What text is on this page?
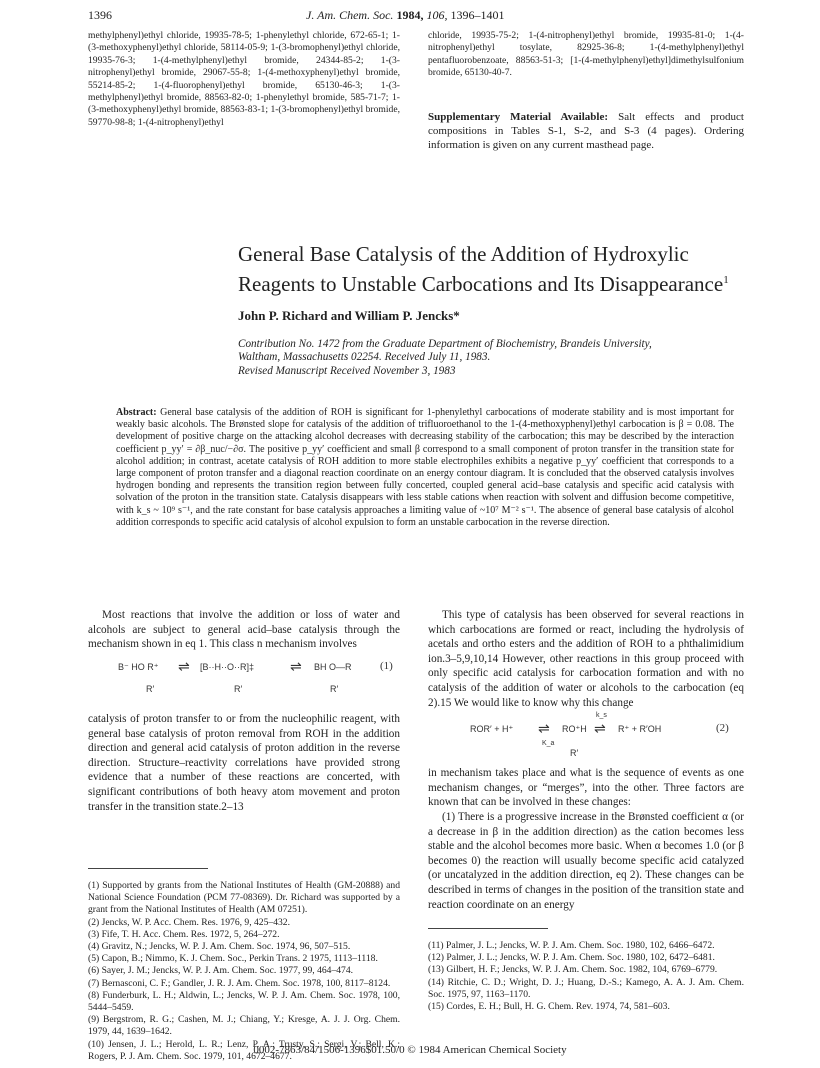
1396	J. Am. Chem. Soc. 1984, 106, 1396–1401
methylphenyl)ethyl chloride, 19935-78-5; 1-phenylethyl chloride, 672-65-1; 1-(3-methoxyphenyl)ethyl chloride, 58114-05-9; 1-(3-bromophenyl)ethyl chloride, 19935-76-3; 1-(4-methylphenyl)ethyl bromide, 24344-85-2; 1-(3-nitrophenyl)ethyl bromide, 29067-55-8; 1-(4-methoxyphenyl)ethyl bromide, 55214-85-2; 1-(4-fluorophenyl)ethyl bromide, 65130-46-3; 1-(3-methylphenyl)ethyl bromide, 88563-82-0; 1-phenylethyl bromide, 585-71-7; 1-(3-methoxyphenyl)ethyl bromide, 88563-83-1; 1-(3-bromophenyl)ethyl bromide, 59770-98-8; 1-(4-nitrophenyl)ethyl
chloride, 19935-75-2; 1-(4-nitrophenyl)ethyl bromide, 19935-81-0; 1-(4-nitrophenyl)ethyl tosylate, 82925-36-8; 1-(4-methylphenyl)ethyl pentafluorobenzoate, 88563-51-3; [1-(4-methylphenyl)ethyl]dimethylsulfonium bromide, 65130-40-7.
Supplementary Material Available: Salt effects and product compositions in Tables S-1, S-2, and S-3 (4 pages). Ordering information is given on any current masthead page.
General Base Catalysis of the Addition of Hydroxylic
Reagents to Unstable Carbocations and Its Disappearance$^1$
John P. Richard and William P. Jencks*
Contribution No. 1472 from the Graduate Department of Biochemistry, Brandeis University,
Waltham, Massachusetts 02254. Received July 11, 1983.
Revised Manuscript Received November 3, 1983
Abstract: General base catalysis of the addition of ROH is significant for 1-phenylethyl carbocations of moderate stability and is most important for weakly basic alcohols. The Brønsted slope for catalysis of the addition of trifluoroethanol to the 1-(4-methoxyphenyl)ethyl carbocation is β = 0.08. The development of positive charge on the attacking alcohol decreases with decreasing stability of the carbocation; this may be described by the interaction coefficient p_yy′ = ∂β_nuc/−∂σ. The positive p_yy′ coefficient and small β correspond to a small component of proton transfer in the transition state for alcohol addition; in contrast, acetate catalysis of ROH addition to more stable electrophiles exhibits a negative p_yy′ coefficient that corresponds to a large component of proton transfer and a diagonal reaction coordinate on an energy contour diagram. It is concluded that the observed catalysis involves hydrogen bonding and represents the transition region between fully concerted, coupled general acid–base catalysis and specific acid catalysis with solvation of the proton in the transition state. Catalysis disappears with less stable cations when reaction with solvent and diffusion become competitive, with k_s ~ 10⁹ s⁻¹, and the rate constant for base catalysis approaches a limiting value of ~10⁷ M⁻² s⁻¹. The absence of general base catalysis of alcohol addition corresponds to specific acid catalysis of alcohol expulsion to form an unstable carbocation in the reverse direction.
Most reactions that involve the addition or loss of water and alcohols are subject to general acid–base catalysis through the mechanism shown in eq 1. This class n mechanism involves
B⁻ HO R⁺
R′
⇌ [B··H··O··R]‡
R′
⇌ BH O—R
R′
(1)
catalysis of proton transfer to or from the nucleophilic reagent, with general base catalysis of proton removal from ROH in the addition direction and general acid catalysis of proton addition in the reverse direction. Structure–reactivity correlations have provided strong evidence that a number of these reactions are concerted, with significant contributions of both heavy atom movement and proton transfer in the transition state.2–13
This type of catalysis has been observed for several reactions in which carbocations are formed or react, including the hydrolysis of acetals and ortho esters and the addition of ROH to a phthalimidium ion.3–5,9,10,14 However, other reactions in this group proceed with only specific acid catalysis for carbocation formation and with no catalysis of the addition of water or alcohols to the carbocation (eq 2).15 We would like to know why this change
ROR′ + H⁺ ⇌
K_a
RO⁺H
R′
k_s
⇌ R⁺ + R′OH	(2)
in mechanism takes place and what is the sequence of events as one mechanism changes, or “merges”, into the other. Three factors are known that can be involved in these changes:
(1) There is a progressive increase in the Brønsted coefficient α (or a decrease in β in the addition direction) as the cation becomes less stable and the alcohol becomes more basic. When α becomes 1.0 (or β becomes 0) the reaction will usually become specific acid catalyzed (or uncatalyzed in the addition direction, eq 2). These changes can be described in terms of changes in the position of the transition state and reaction coordinate on an energy

(1) Supported by grants from the National Institutes of Health (GM-20888) and National Science Foundation (PCM 77-08369). Dr. Richard was supported by a grant from the National Institutes of Health (AM 07251).

(2) Jencks, W. P. Acc. Chem. Res. 1976, 9, 425–432.

(3) Fife, T. H. Acc. Chem. Res. 1972, 5, 264–272.

(4) Gravitz, N.; Jencks, W. P. J. Am. Chem. Soc. 1974, 96, 507–515.

(5) Capon, B.; Nimmo, K. J. Chem. Soc., Perkin Trans. 2 1975, 1113–1118.

(6) Sayer, J. M.; Jencks, W. P. J. Am. Chem. Soc. 1977, 99, 464–474.

(7) Bernasconi, C. F.; Gandler, J. R. J. Am. Chem. Soc. 1978, 100, 8117–8124.

(8) Funderburk, L. H.; Aldwin, L.; Jencks, W. P. J. Am. Chem. Soc. 1978, 100, 5444–5459.

(9) Bergstrom, R. G.; Cashen, M. J.; Chiang, Y.; Kresge, A. J. J. Org. Chem. 1979, 44, 1639–1642.

(10) Jensen, J. L.; Herold, L. R.; Lenz, P. A.; Trusty, S.; Sergi, V.; Bell, K.; Rogers, P. J. Am. Chem. Soc. 1979, 101, 4672–4677.

(11) Palmer, J. L.; Jencks, W. P. J. Am. Chem. Soc. 1980, 102, 6466–6472.

(12) Palmer, J. L.; Jencks, W. P. J. Am. Chem. Soc. 1980, 102, 6472–6481.

(13) Gilbert, H. F.; Jencks, W. P. J. Am. Chem. Soc. 1982, 104, 6769–6779.

(14) Ritchie, C. D.; Wright, D. J.; Huang, D.-S.; Kamego, A. A. J. Am. Chem. Soc. 1975, 97, 1163–1170.

(15) Cordes, E. H.; Bull, H. G. Chem. Rev. 1974, 74, 581–603.

0002-7863/84/1506-1396$01.50/0 © 1984 American Chemical Society
